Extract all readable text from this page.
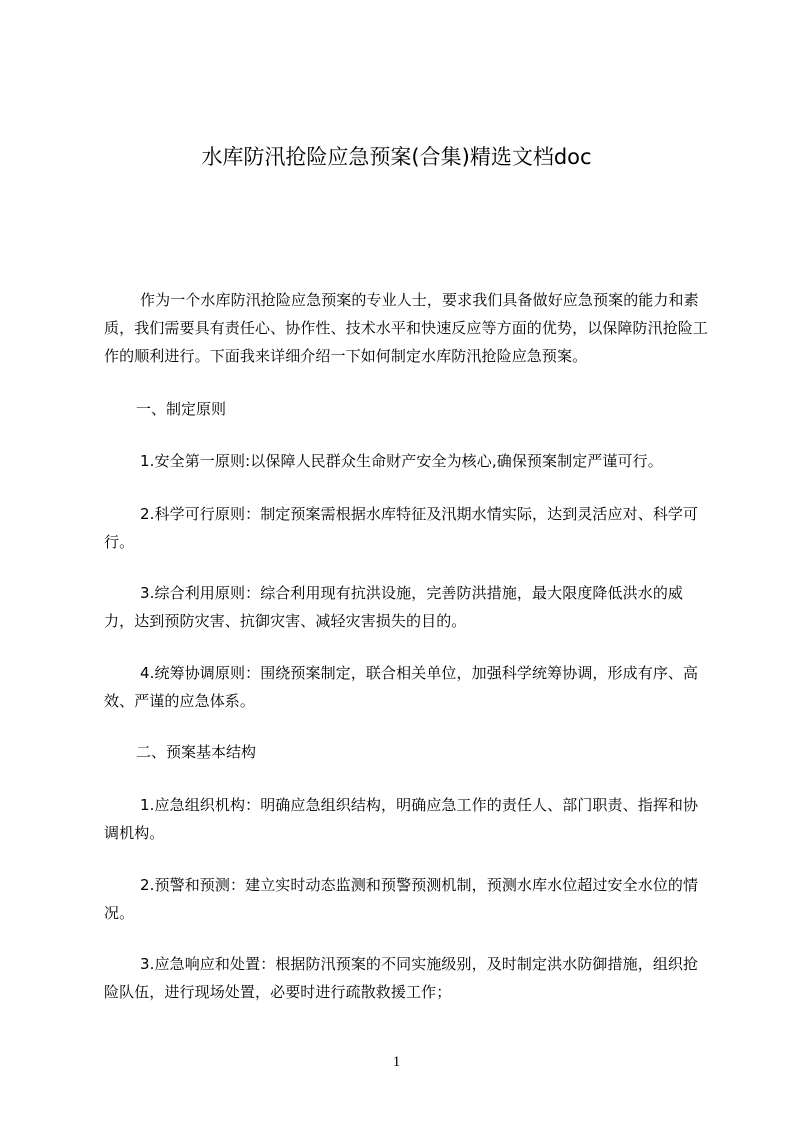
水库防汛抢险应急预案(合集)精选文档doc

作为一个水库防汛抢险应急预案的专业人士，要求我们具备做好应急预案的能力和素质，我们需要具有责任心、协作性、技术水平和快速反应等方面的优势，以保障防汛抢险工作的顺利进行。下面我来详细介绍一下如何制定水库防汛抢险应急预案。

一、制定原则

1.安全第一原则:以保障人民群众生命财产安全为核心,确保预案制定严谨可行。

2.科学可行原则：制定预案需根据水库特征及汛期水情实际，达到灵活应对、科学可行。

3.综合利用原则：综合利用现有抗洪设施，完善防洪措施，最大限度降低洪水的威力，达到预防灾害、抗御灾害、减轻灾害损失的目的。

4.统筹协调原则：围绕预案制定，联合相关单位，加强科学统筹协调，形成有序、高效、严谨的应急体系。

二、预案基本结构

1.应急组织机构：明确应急组织结构，明确应急工作的责任人、部门职责、指挥和协调机构。

2.预警和预测：建立实时动态监测和预警预测机制，预测水库水位超过安全水位的情况。

3.应急响应和处置：根据防汛预案的不同实施级别，及时制定洪水防御措施，组织抢险队伍，进行现场处置，必要时进行疏散救援工作；

1
